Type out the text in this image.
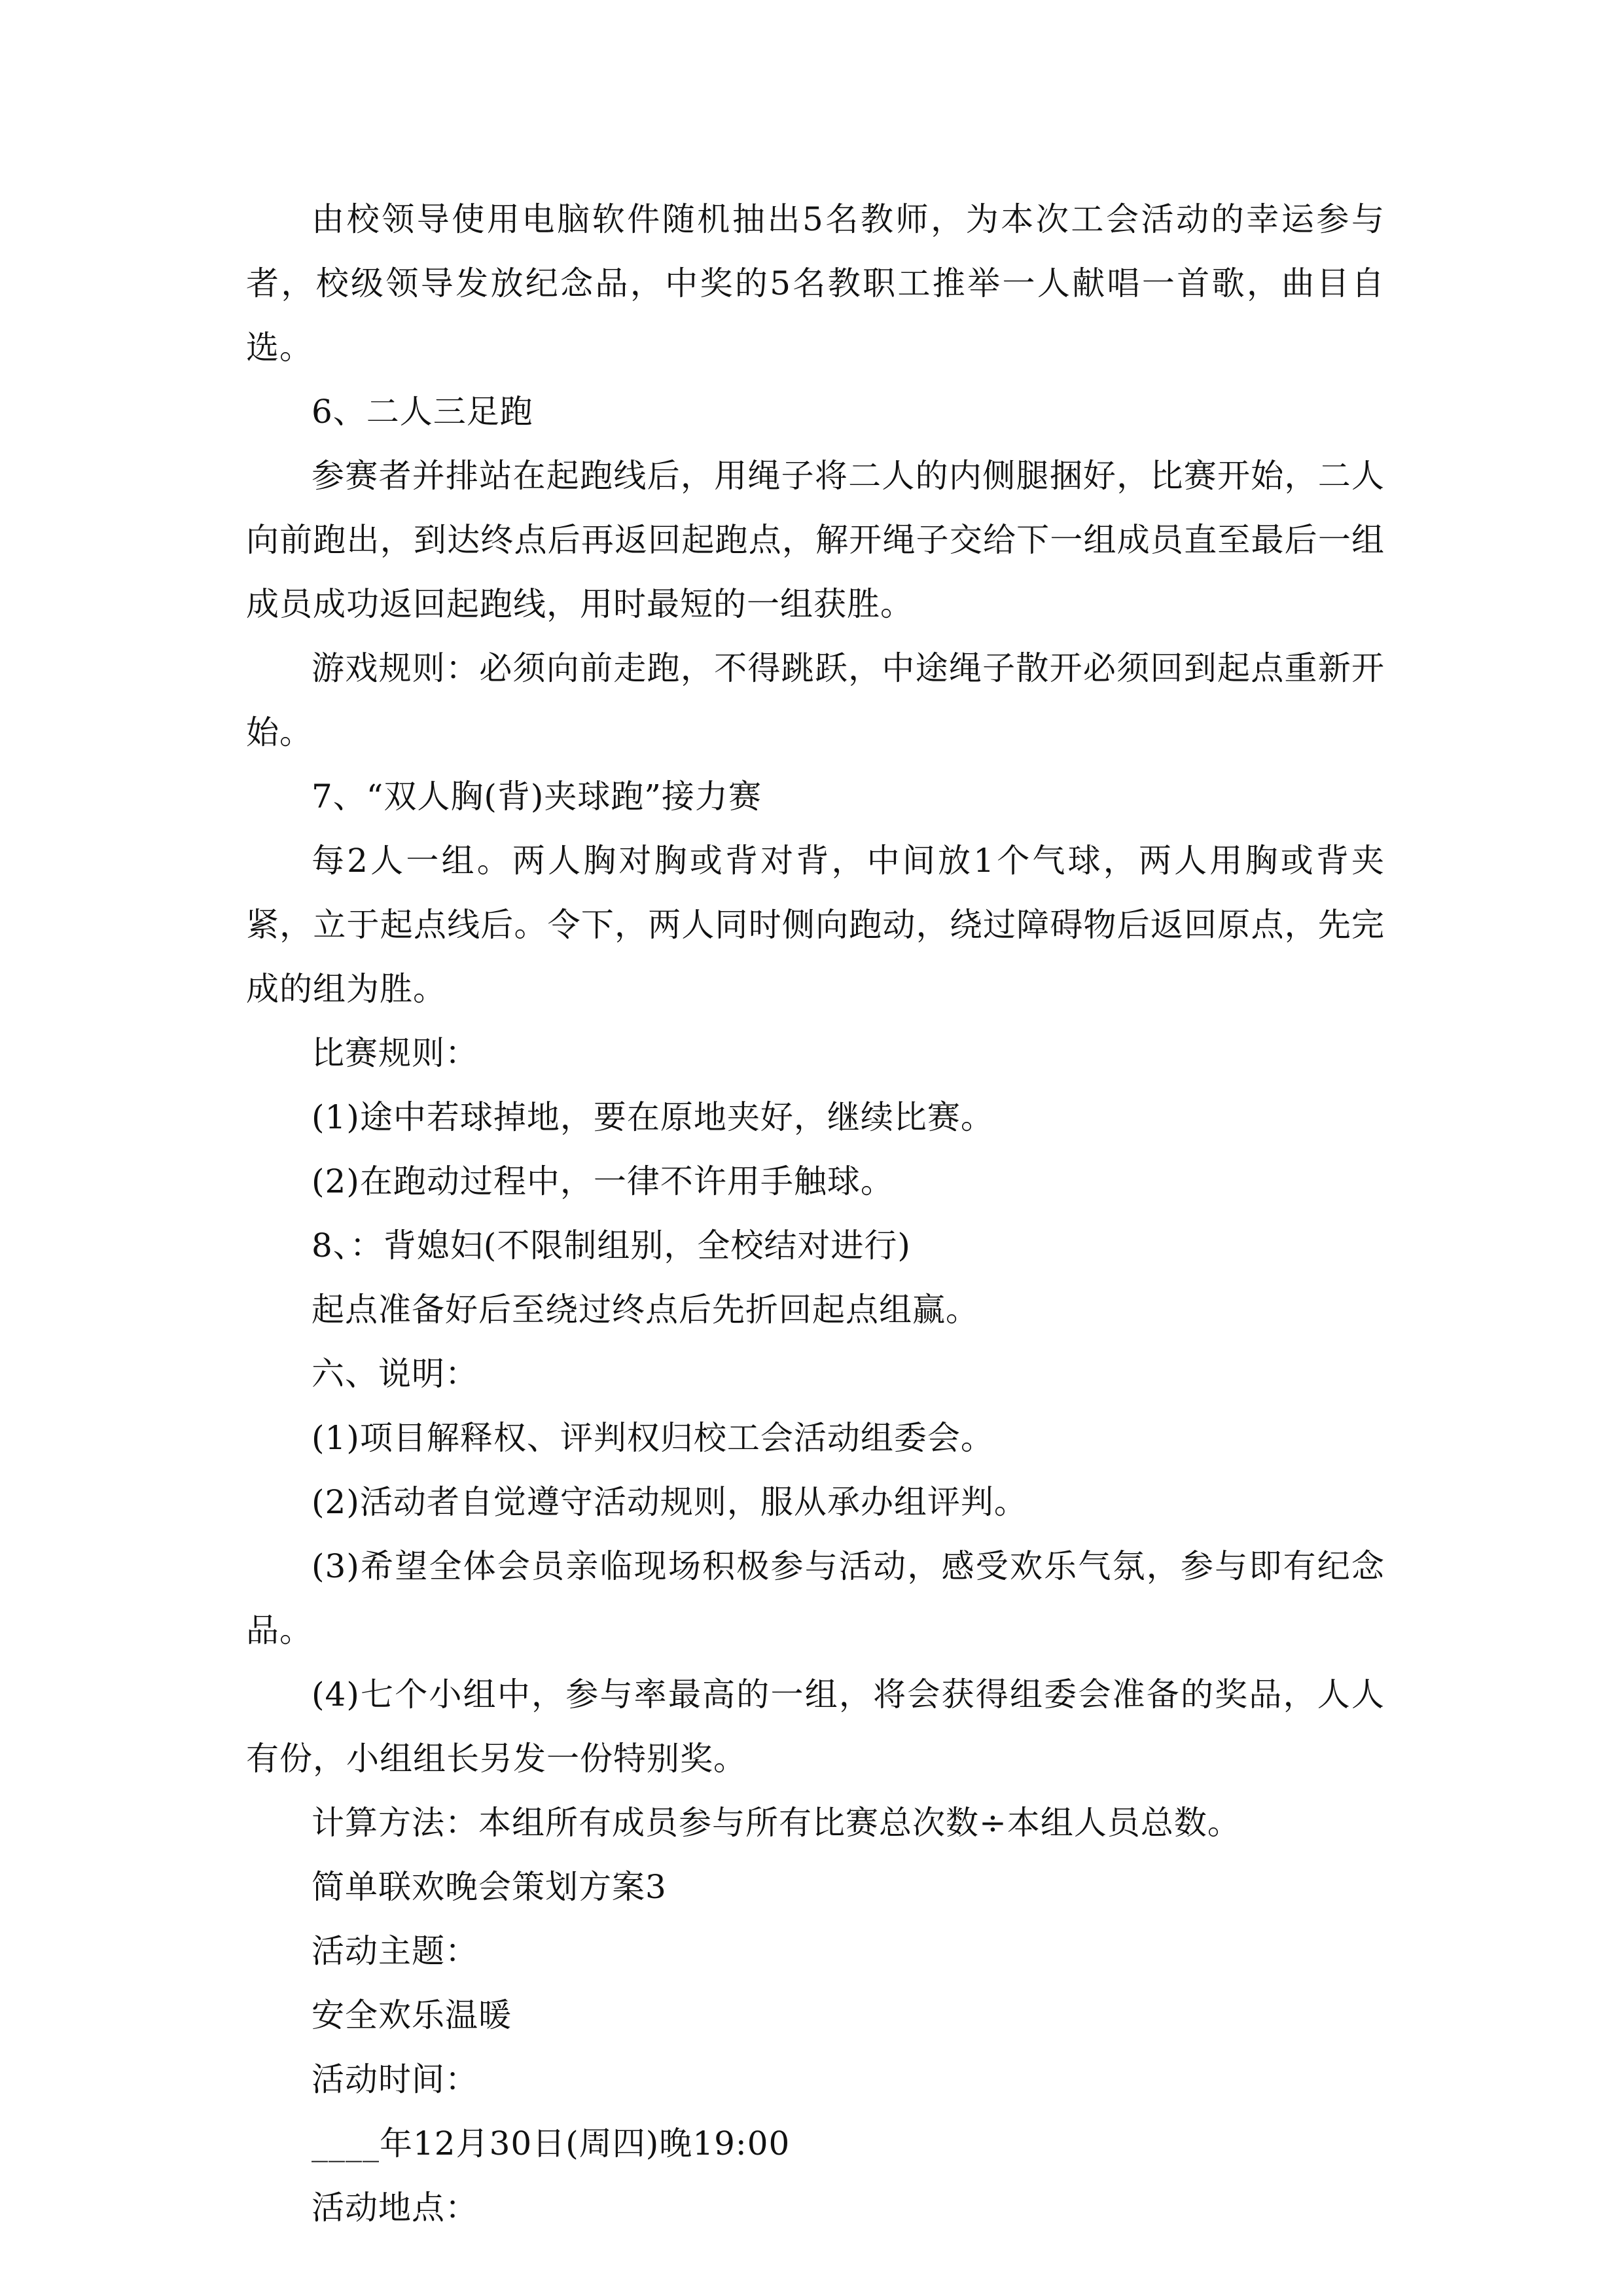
由校领导使用电脑软件随机抽出5名教师，为本次工会活动的幸运参与者，校级领导发放纪念品，中奖的5名教职工推举一人献唱一首歌，曲目自选。

6、二人三足跑

参赛者并排站在起跑线后，用绳子将二人的内侧腿捆好，比赛开始，二人向前跑出，到达终点后再返回起跑点，解开绳子交给下一组成员直至最后一组成员成功返回起跑线，用时最短的一组获胜。

游戏规则：必须向前走跑，不得跳跃，中途绳子散开必须回到起点重新开始。

7、“双人胸(背)夹球跑”接力赛

每2人一组。两人胸对胸或背对背，中间放1个气球，两人用胸或背夹紧，立于起点线后。令下，两人同时侧向跑动，绕过障碍物后返回原点，先完成的组为胜。

比赛规则：

(1)途中若球掉地，要在原地夹好，继续比赛。

(2)在跑动过程中，一律不许用手触球。

8、：背媳妇(不限制组别，全校结对进行)

起点准备好后至绕过终点后先折回起点组赢。

六、说明：

(1)项目解释权、评判权归校工会活动组委会。

(2)活动者自觉遵守活动规则，服从承办组评判。

(3)希望全体会员亲临现场积极参与活动，感受欢乐气氛，参与即有纪念品。

(4)七个小组中，参与率最高的一组，将会获得组委会准备的奖品，人人有份，小组组长另发一份特别奖。

计算方法：本组所有成员参与所有比赛总次数÷本组人员总数。

简单联欢晚会策划方案3

活动主题：

安全欢乐温暖

活动时间：

____年12月30日(周四)晚19:00

活动地点：
